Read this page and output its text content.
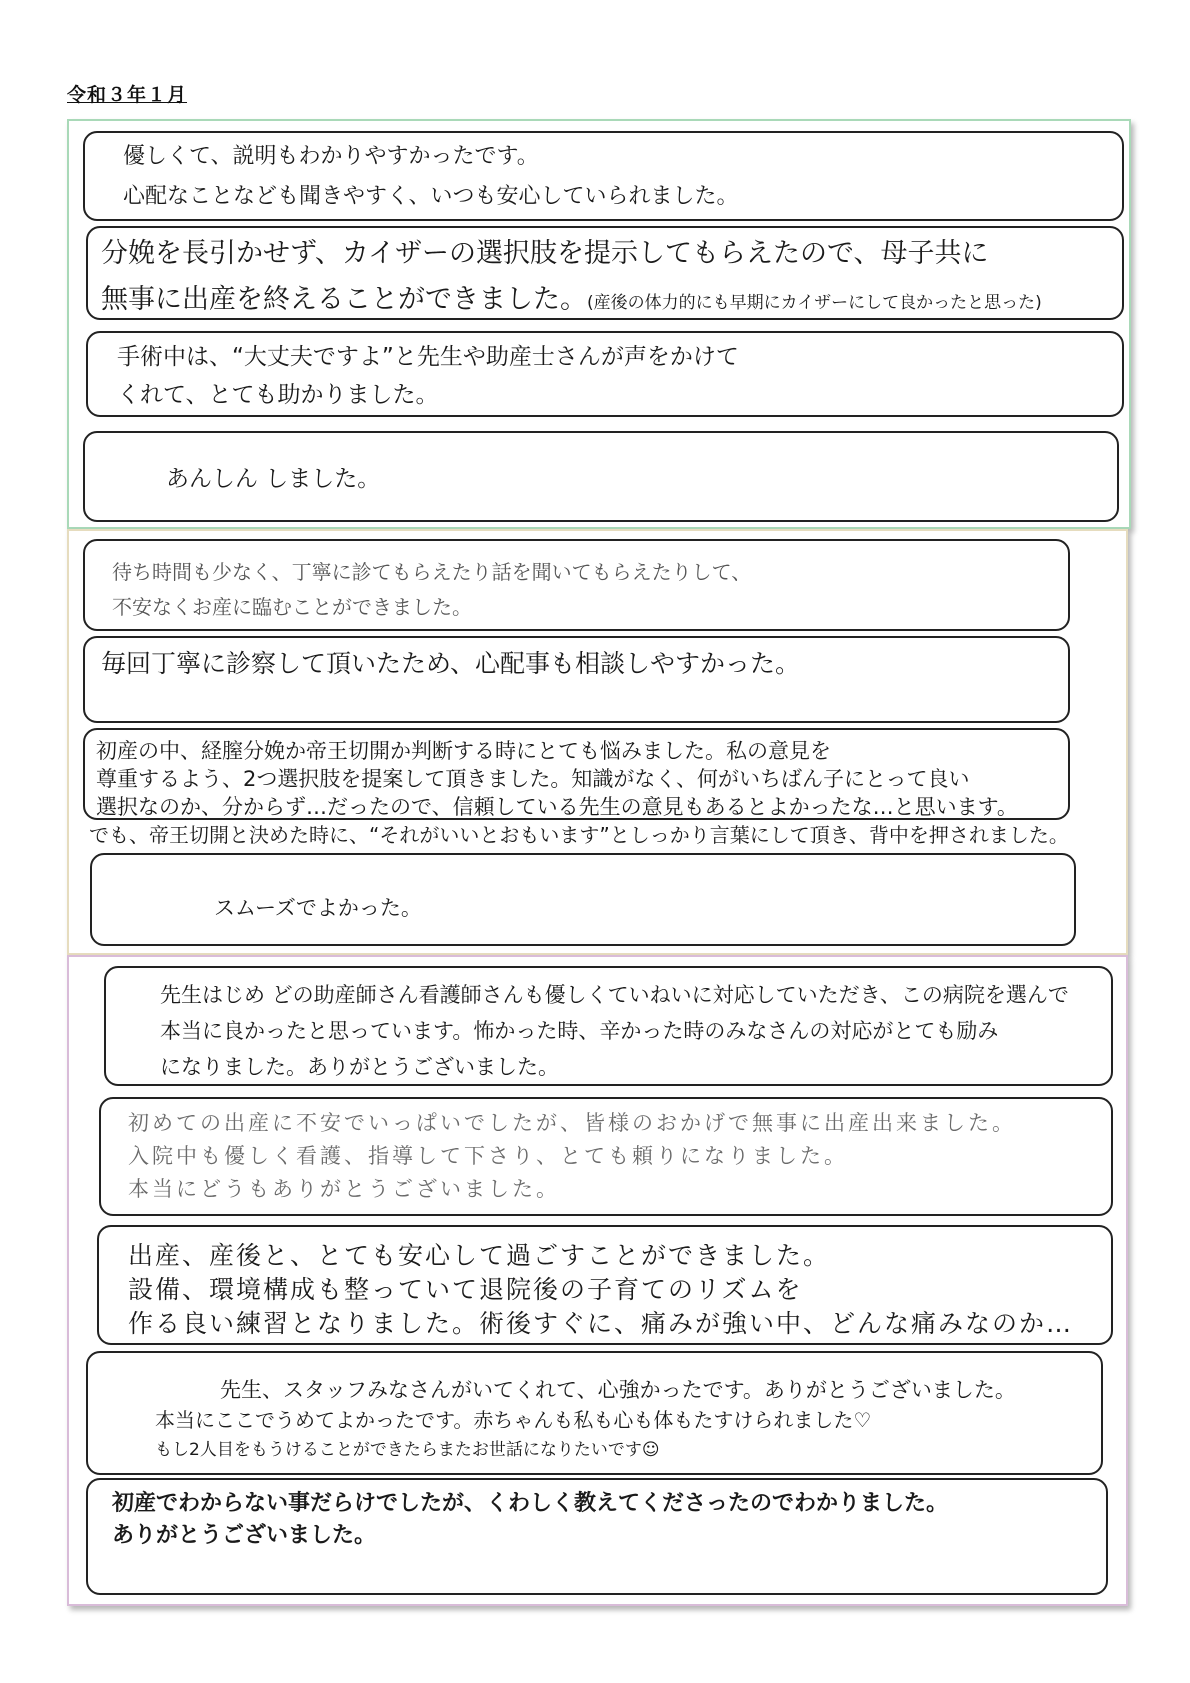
令和３年１月
優しくて、説明もわかりやすかったです。
心配なことなども聞きやすく、いつも安心していられました。
分娩を長引かせず、カイザーの選択肢を提示してもらえたので、母子共に
無事に出産を終えることができました。(産後の体力的にも早期にカイザーにして良かったと思った)
手術中は、“大丈夫ですよ”と先生や助産士さんが声をかけて
くれて、とても助かりました。
あんしん しました。
待ち時間も少なく、丁寧に診てもらえたり話を聞いてもらえたりして、
不安なくお産に臨むことができました。
毎回丁寧に診察して頂いたため、心配事も相談しやすかった。
初産の中、経膣分娩か帝王切開か判断する時にとても悩みました。私の意見を
尊重するよう、2つ選択肢を提案して頂きました。知識がなく、何がいちばん子にとって良い
選択なのか、分からず…だったので、信頼している先生の意見もあるとよかったな…と思います。
でも、帝王切開と決めた時に、“それがいいとおもいます”としっかり言葉にして頂き、背中を押されました。
スムーズでよかった。
先生はじめ どの助産師さん看護師さんも優しくていねいに対応していただき、この病院を選んで
本当に良かったと思っています。怖かった時、辛かった時のみなさんの対応がとても励み
になりました。ありがとうございました。
初めての出産に不安でいっぱいでしたが、皆様のおかげで無事に出産出来ました。
入院中も優しく看護、指導して下さり、とても頼りになりました。
本当にどうもありがとうございました。
出産、産後と、とても安心して過ごすことができました。
設備、環境構成も整っていて退院後の子育てのリズムを
作る良い練習となりました。術後すぐに、痛みが強い中、どんな痛みなのか…
先生、スタッフみなさんがいてくれて、心強かったです。ありがとうございました。
本当にここでうめてよかったです。赤ちゃんも私も心も体もたすけられました♡
もし2人目をもうけることができたらまたお世話になりたいです☺
初産でわからない事だらけでしたが、くわしく教えてくださったのでわかりました。
ありがとうございました。
